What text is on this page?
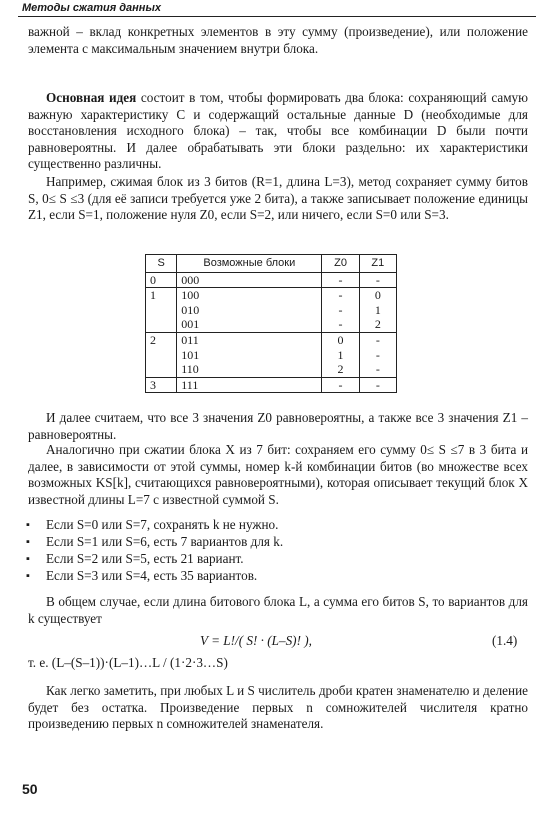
Методы сжатия данных
важной – вклад конкретных элементов в эту сумму (произведение), или положение элемента с максимальным значением внутри блока.
Основная идея состоит в том, чтобы формировать два блока: сохраняющий самую важную характеристику C и содержащий остальные данные D (необходимые для восстановления исходного блока) – так, чтобы все комбинации D были почти равновероятны. И далее обрабатывать эти блоки раздельно: их характеристики существенно различны.
Например, сжимая блок из 3 битов (R=1, длина L=3), метод сохраняет сумму битов S, 0≤ S ≤3 (для её записи требуется уже 2 бита), а также записывает положение единицы Z1, если S=1, положение нуля Z0, если S=2, или ничего, если S=0 или S=3.
S	Возможные блоки	Z0	Z1
0	000	-	-
1	100	-	0
	010	-	1
	001	-	2
2	011	0	-
	101	1	-
	110	2	-
3	111	-	-
И далее считаем, что все 3 значения Z0 равновероятны, а также все 3 значения Z1 – равновероятны.
Аналогично при сжатии блока X из 7 бит: сохраняем его сумму 0≤ S ≤7 в 3 бита и далее, в зависимости от этой суммы, номер k-й комбинации битов (во множестве всех возможных KS[k], считающихся равновероятными), которая описывает текущий блок X известной длины L=7 с известной суммой S.
▪ Если S=0 или S=7, сохранять k не нужно.
▪ Если S=1 или S=6, есть 7 вариантов для k.
▪ Если S=2 или S=5, есть 21 вариант.
▪ Если S=3 или S=4, есть 35 вариантов.
В общем случае, если длина битового блока L, а сумма его битов S, то вариантов для k существует
V = L!/( S! · (L–S)! ),	(1.4)
т. е. (L–(S–1))·(L–1)…L / (1·2·3…S)
Как легко заметить, при любых L и S числитель дроби кратен знаменателю и деление будет без остатка. Произведение первых n сомножителей числителя кратно произведению первых n сомножителей знаменателя.
50
